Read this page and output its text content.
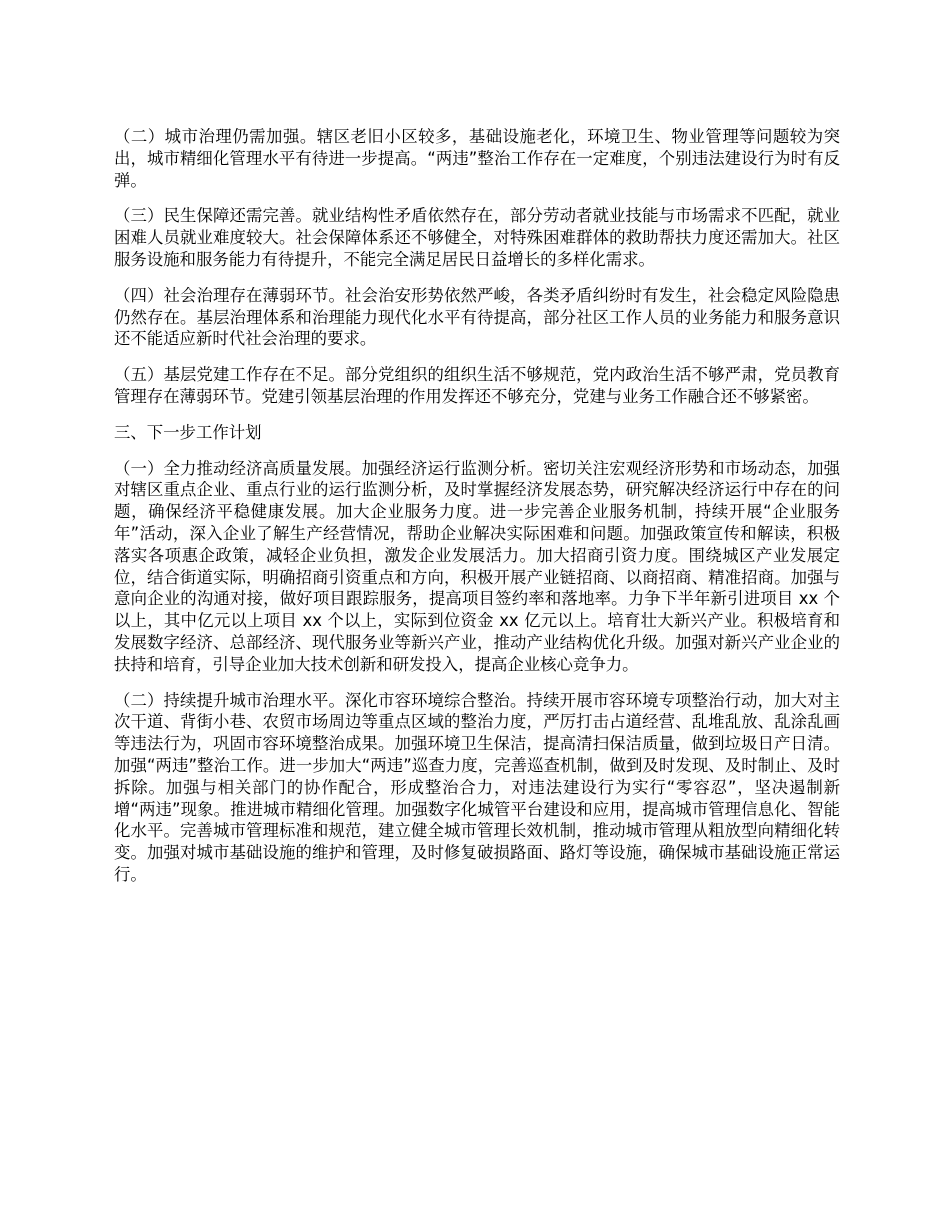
（二）城市治理仍需加强。辖区老旧小区较多，基础设施老化，环境卫生、物业管理等问题较为突出，城市精细化管理水平有待进一步提高。“两违”整治工作存在一定难度，个别违法建设行为时有反弹。

（三）民生保障还需完善。就业结构性矛盾依然存在，部分劳动者就业技能与市场需求不匹配，就业困难人员就业难度较大。社会保障体系还不够健全，对特殊困难群体的救助帮扶力度还需加大。社区服务设施和服务能力有待提升，不能完全满足居民日益增长的多样化需求。

（四）社会治理存在薄弱环节。社会治安形势依然严峻，各类矛盾纠纷时有发生，社会稳定风险隐患仍然存在。基层治理体系和治理能力现代化水平有待提高，部分社区工作人员的业务能力和服务意识还不能适应新时代社会治理的要求。

（五）基层党建工作存在不足。部分党组织的组织生活不够规范，党内政治生活不够严肃，党员教育管理存在薄弱环节。党建引领基层治理的作用发挥还不够充分，党建与业务工作融合还不够紧密。

三、下一步工作计划

（一）全力推动经济高质量发展。加强经济运行监测分析。密切关注宏观经济形势和市场动态，加强对辖区重点企业、重点行业的运行监测分析，及时掌握经济发展态势，研究解决经济运行中存在的问题，确保经济平稳健康发展。加大企业服务力度。进一步完善企业服务机制，持续开展“企业服务年”活动，深入企业了解生产经营情况，帮助企业解决实际困难和问题。加强政策宣传和解读，积极落实各项惠企政策，减轻企业负担，激发企业发展活力。加大招商引资力度。围绕城区产业发展定位，结合街道实际，明确招商引资重点和方向，积极开展产业链招商、以商招商、精准招商。加强与意向企业的沟通对接，做好项目跟踪服务，提高项目签约率和落地率。力争下半年新引进项目 xx 个以上，其中亿元以上项目 xx 个以上，实际到位资金 xx 亿元以上。培育壮大新兴产业。积极培育和发展数字经济、总部经济、现代服务业等新兴产业，推动产业结构优化升级。加强对新兴产业企业的扶持和培育，引导企业加大技术创新和研发投入，提高企业核心竞争力。

（二）持续提升城市治理水平。深化市容环境综合整治。持续开展市容环境专项整治行动，加大对主次干道、背街小巷、农贸市场周边等重点区域的整治力度，严厉打击占道经营、乱堆乱放、乱涂乱画等违法行为，巩固市容环境整治成果。加强环境卫生保洁，提高清扫保洁质量，做到垃圾日产日清。加强“两违”整治工作。进一步加大“两违”巡查力度，完善巡查机制，做到及时发现、及时制止、及时拆除。加强与相关部门的协作配合，形成整治合力，对违法建设行为实行“零容忍”，坚决遏制新增“两违”现象。推进城市精细化管理。加强数字化城管平台建设和应用，提高城市管理信息化、智能化水平。完善城市管理标准和规范，建立健全城市管理长效机制，推动城市管理从粗放型向精细化转变。加强对城市基础设施的维护和管理，及时修复破损路面、路灯等设施，确保城市基础设施正常运行。
